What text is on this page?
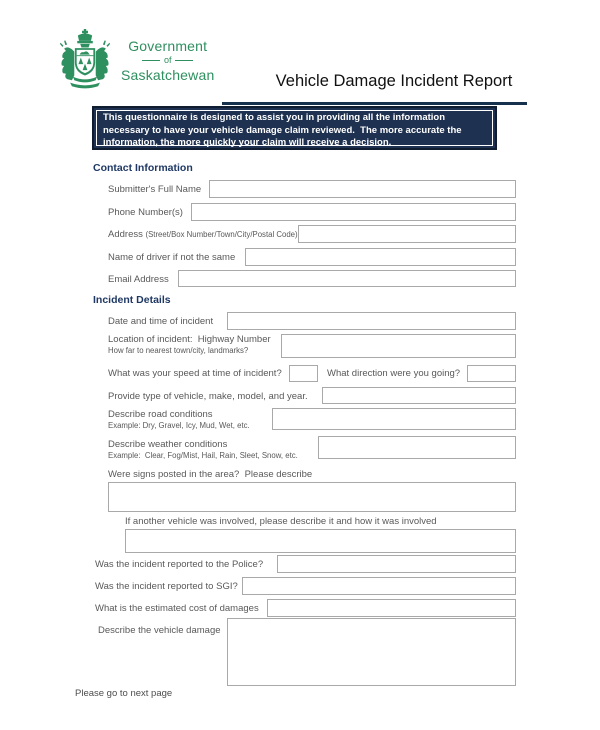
Government
of
Saskatchewan	Vehicle Damage Incident Report
This questionnaire is designed to assist you in providing all the information necessary to have your vehicle damage claim reviewed.  The more accurate the information, the more quickly your claim will receive a decision.
Contact Information
Submitter's Full Name
Phone Number(s)
Address (Street/Box Number/Town/City/Postal Code)
Name of driver if not the same
Email Address
Incident Details
Date and time of incident
Location of incident:  Highway Number
How far to nearest town/city, landmarks?
What was your speed at time of incident?	What direction were you going?
Provide type of vehicle, make, model, and year.
Describe road conditions
Example: Dry, Gravel, Icy, Mud, Wet, etc.
Describe weather conditions
Example:  Clear, Fog/Mist, Hail, Rain, Sleet, Snow, etc.
Were signs posted in the area?  Please describe
If another vehicle was involved, please describe it and how it was involved
Was the incident reported to the Police?
Was the incident reported to SGI?
What is the estimated cost of damages
Describe the vehicle damage
Please go to next page
